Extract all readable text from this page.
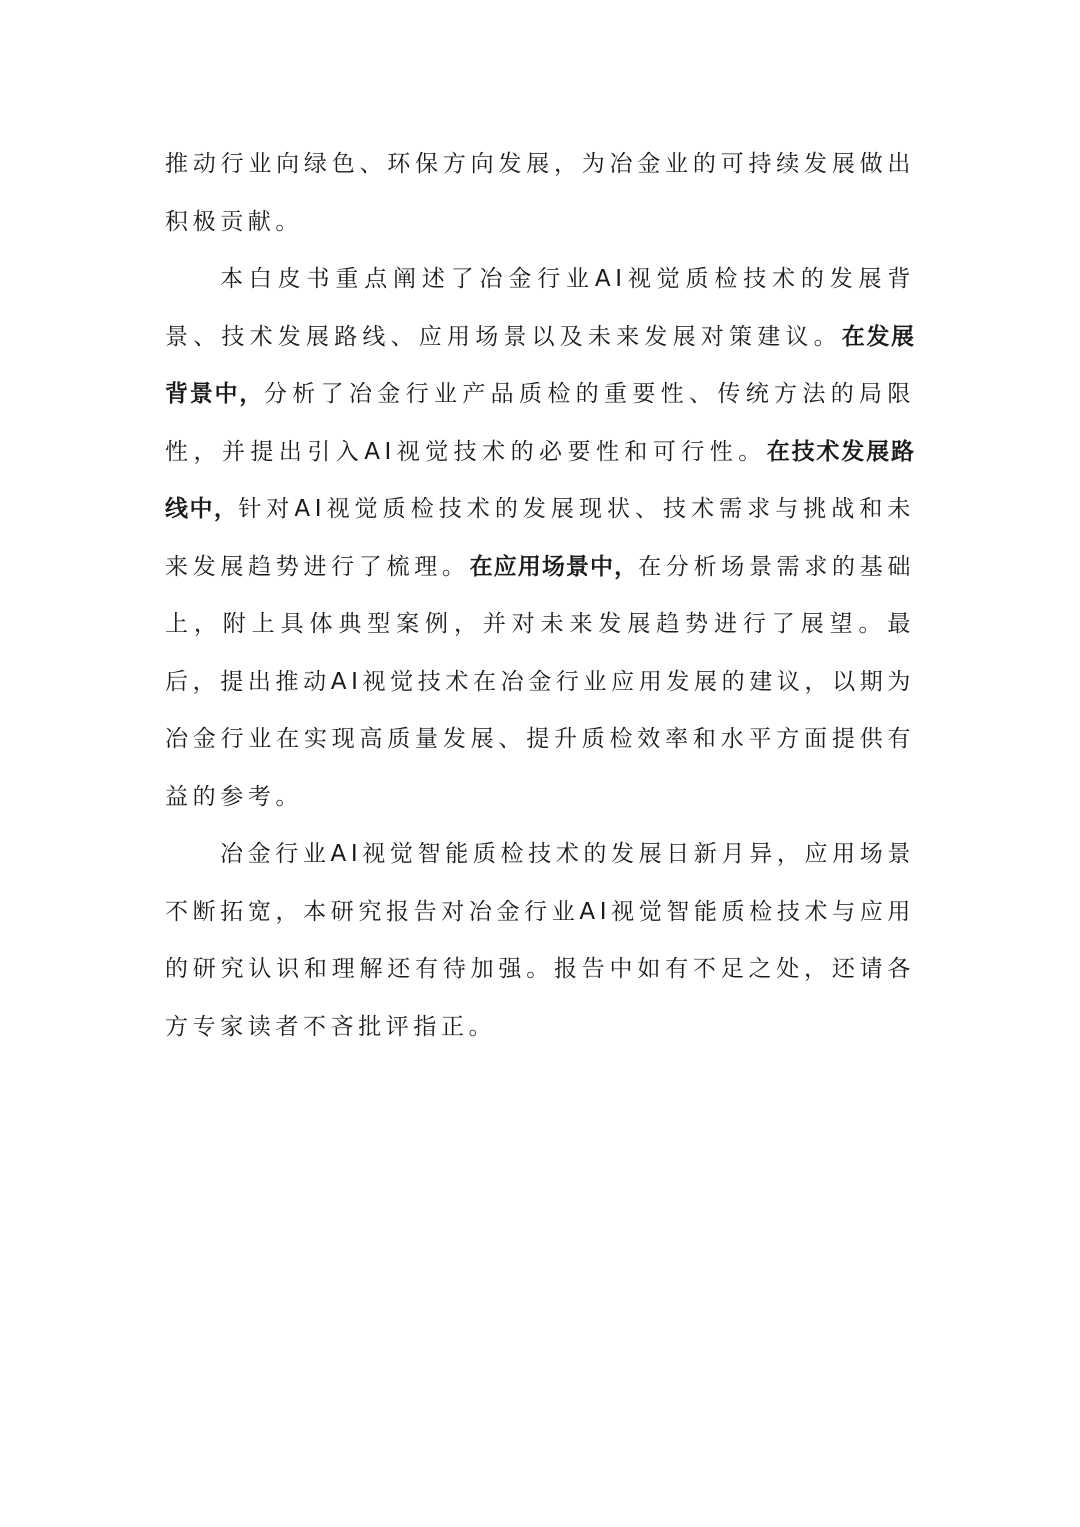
推动行业向绿色、环保方向发展，为冶金业的可持续发展做出积极贡献。

本白皮书重点阐述了冶金行业AI视觉质检技术的发展背景、技术发展路线、应用场景以及未来发展对策建议。在发展背景中，分析了冶金行业产品质检的重要性、传统方法的局限性，并提出引入AI视觉技术的必要性和可行性。在技术发展路线中，针对AI视觉质检技术的发展现状、技术需求与挑战和未来发展趋势进行了梳理。在应用场景中，在分析场景需求的基础上，附上具体典型案例，并对未来发展趋势进行了展望。最后，提出推动AI视觉技术在冶金行业应用发展的建议，以期为冶金行业在实现高质量发展、提升质检效率和水平方面提供有益的参考。

冶金行业AI视觉智能质检技术的发展日新月异，应用场景不断拓宽，本研究报告对冶金行业AI视觉智能质检技术与应用的研究认识和理解还有待加强。报告中如有不足之处，还请各方专家读者不吝批评指正。
